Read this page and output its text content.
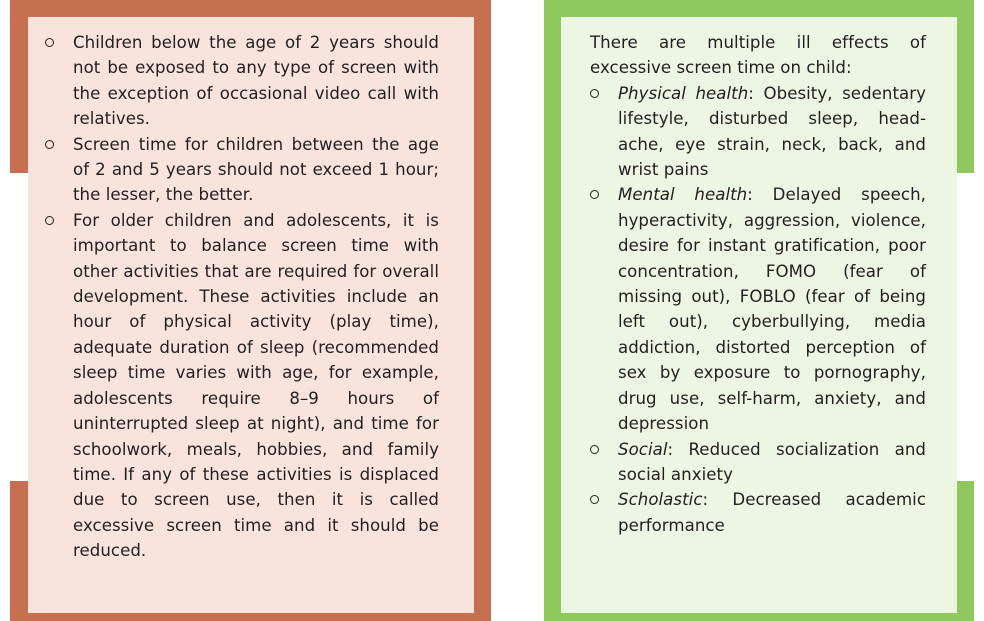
Children below the age of 2 years should not be exposed to any type of screen with the exception of occasional video call with relatives.
Screen time for children between the age of 2 and 5 years should not exceed 1 hour; the lesser, the better.
For older children and adolescents, it is important to balance screen time with other activities that are required for overall development. These activities include an hour of physical activity (play time), adequate duration of sleep (recommended sleep time varies with age, for example, adolescents require 8–9 hours of uninterrupted sleep at night), and time for schoolwork, meals, hobbies, and family time. If any of these activities is displaced due to screen use, then it is called excessive screen time and it should be reduced.

There are multiple ill effects of excessive screen time on child:

Physical health: Obesity, sedentary lifestyle, disturbed sleep, head-ache, eye strain, neck, back, and wrist pains
Mental health: Delayed speech, hyperactivity, aggression, violence, desire for instant gratification, poor concentration, FOMO (fear of missing out), FOBLO (fear of being left out), cyberbullying, media addiction, distorted perception of sex by exposure to pornography, drug use, self-harm, anxiety, and depression
Social: Reduced socialization and social anxiety
Scholastic: Decreased academic performance
